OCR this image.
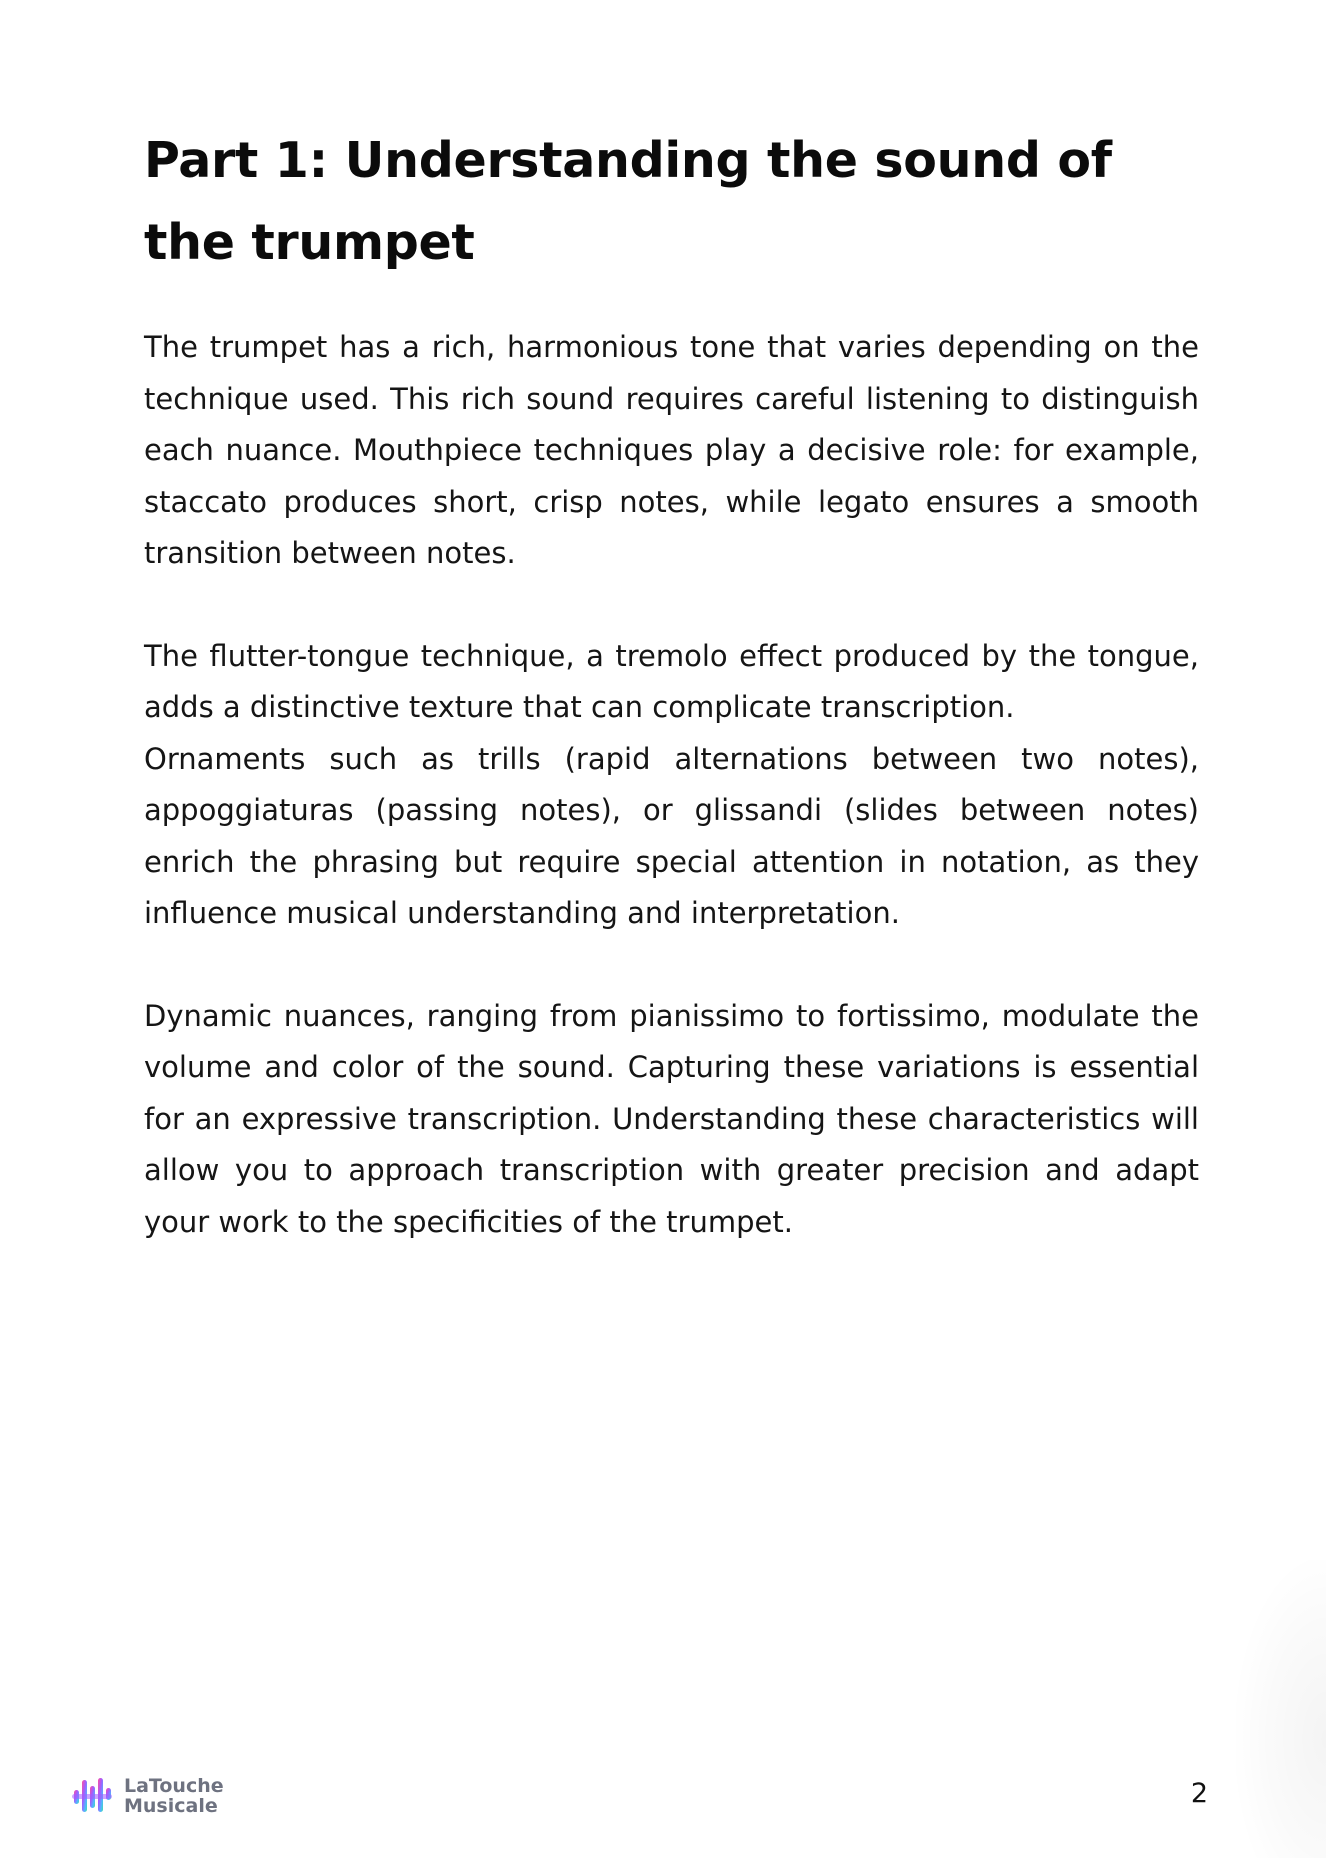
Part 1: Understanding the sound of the trumpet

The trumpet has a rich, harmonious tone that varies depending on the technique used. This rich sound requires careful listening to distinguish each nuance. Mouthpiece techniques play a decisive role: for example, staccato produces short, crisp notes, while legato ensures a smooth transition between notes.

The flutter-tongue technique, a tremolo effect produced by the tongue, adds a distinctive texture that can complicate transcription.
Ornaments such as trills (rapid alternations between two notes), appoggiaturas (passing notes), or glissandi (slides between notes) enrich the phrasing but require special attention in notation, as they influence musical understanding and interpretation.

Dynamic nuances, ranging from pianissimo to fortissimo, modulate the volume and color of the sound. Capturing these variations is essential for an expressive transcription. Understanding these characteristics will allow you to approach transcription with greater precision and adapt your work to the specificities of the trumpet.

LaTouche
Musicale	2
